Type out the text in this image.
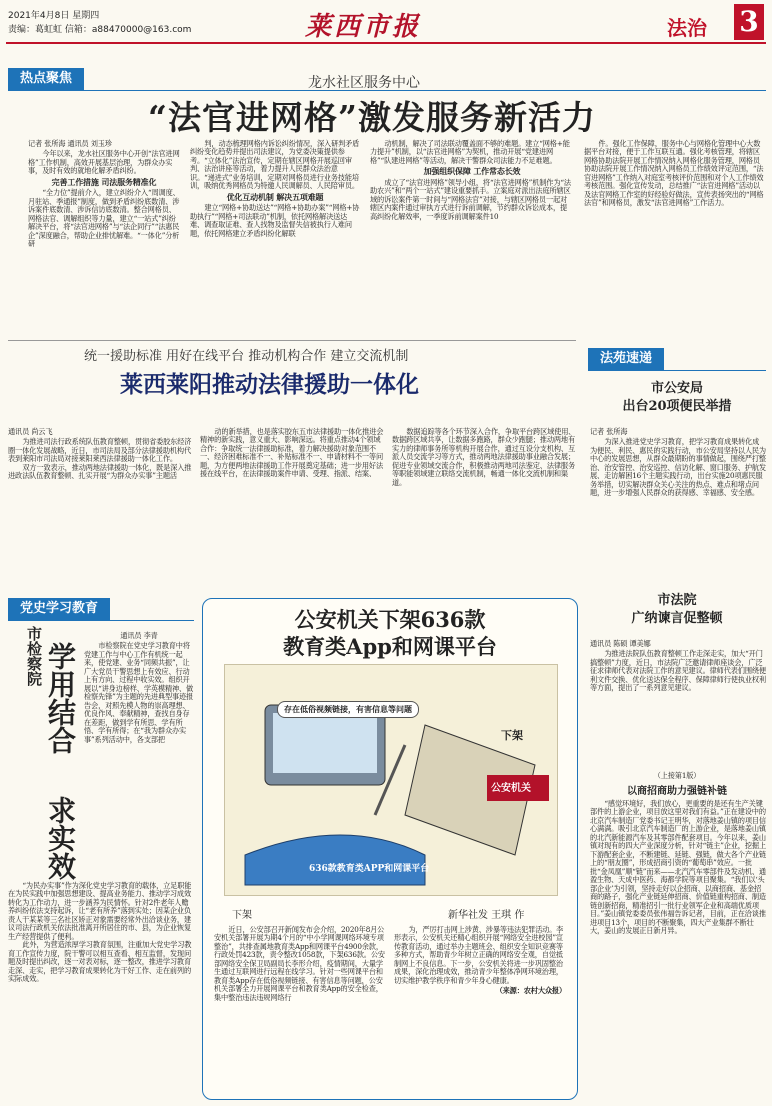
2021年4月8日 星期四
责编：葛虹虹 信箱：a88470000@163.com	莱西市报	法治 3
热点聚焦	龙水社区服务中心
“法官进网格”激发服务新活力
记者 张所海 通讯员 刘玉珍

今年以来，龙水社区服务中心开创“法官进网格”工作机制，高效开展基层治理，为群众办实事，及时有效的就地化解矛盾纠纷。

完善工作措施 司法服务精准化

“全力位”提前介入，建立纠纷介入“周调度、月驻站、季通报”制度，做到矛盾纠纷底数清、涉诉案件底数清、涉诉信访底数清。整合网格员、网格法官、调解组织等力量，建立“一站式”纠纷解决平台，将“法官进网格”与“法企同行”“法惠民企”深度融合，帮助企业排忧解难。“一体化”分析研

判，动态梳理网格内诉讼纠纷情况，深入研判矛盾纠纷变化趋势并提出司法建议，为党委决策提供参考。“立体化”法治宣传，定期在辖区网格开展巡回审判、法治讲座等活动，着力提升人民群众法治意识。“递进式”业务培训，定期对网格员进行业务技能培训，吸纳优秀网格员为特邀人民调解员、人民陪审员。

优化互动机制 解决五项难题

建立“网格+协助送达”“网格+协助办案”“网格+协助执行”“网格+司法联动”机制，依托网格解决送达难、调查取证难、查人找物及监督失信被执行人难问题，依托网格建立矛盾纠纷化解联

动机制，解决了司法联动覆盖面不够的难题。建立“网格+能力提升”机制，以“法官进网格”为契机，推动开展“党建进网格”“队建进网格”等活动，解决干警群众司法能力不足难题。

加强组织保障 工作常态长效

成立了“法官进网格”领导小组，将“法官进网格”机制作为“法助农兴”和“两个一站式”建设重要抓手。立案庭对派出法庭所辖区域的诉讼案件第一时间与“网格法官”对接，与辖区网格员一起对辖区内案件通过审执方式进行诉前调解，节约群众诉讼成本，提高纠纷化解效率，一季度诉前调解案件10

件。强化工作保障，服务中心与网格化管理中心大数据平台对接，便于工作互联互通。强化考核管理，将辖区网格协助法院开展工作情况纳入网格化服务管理，网格员协助法院开展工作情况纳入网格员工作绩效评定范围，“法官进网格”工作纳入对庭室考核评价范围和对个人工作绩效考核范围。强化宣传发动，总结推广“法官进网格”活动以及法官网格工作室的好经验好做法，宣传表扬突出的“网格法官”和网格员，激发“法官进网格”工作活力。

统一援助标准 用好在线平台 推动机构合作 建立交流机制
莱西莱阳推动法律援助一体化
通讯员 尚云飞

为推进司法行政系统队伍教育整顿，贯彻省委胶东经济圈一体化发展战略，近日，市司法局及部分法律援助机构代表到莱阳市司法局对接莱阳莱西法律援助一体化工作。

双方一致表示，推动两地法律援助一体化，既是深入推进政法队伍教育整顿、扎实开展“为群众办实事”主题活

动的新举措，也是落实胶东五市法律援助一体化推进会精神的新实践，意义重大、影响深远。将重点推动4个领域合作：争取统一法律援助标准，着力解决援助对象范围不一、经济困难标准不一、补贴标准不一、申请材料不一等问题，为方便两地法律援助工作开展奠定基础；进一步用好法援在线平台，在法律援助案件申请、受理、指派、结案、

数据追踪等各个环节深入合作，争取平台跨区域使用、数据跨区域共享，让数据多跑路，群众少跑腿；推动两地有实力的律师事务所等机构开展合作，通过互设分支机构、互派人员交流学习等方式，推动两地法律援助事业融合发展；促进专业领域交流合作，积极推动两地司法鉴定、法律服务等职能领域建立联络交流机制，畅通一体化交流机制和渠道。

法苑速递
市公安局
出台20项便民举措
记者 张所海

为深入推进党史学习教育，把学习教育成果转化成为便民、利民、惠民的实践行动，市公安局坚持以人民为中心的发展思想，从群众最期盼的事情做起，围绕严打整治、治安管控、治安巡控、信访化解、窗口服务、护航发展、走访解困16个主题实践行动，出台实施20项惠民服务举措，切实解决群众关心关注的热点、难点和堵点问题，进一步增强人民群众的获得感、幸福感、安全感。

市法院
广纳谏言促整顿
通讯员 陈硕 谭美娜

为推进法院队伍教育整顿工作走深走实，加大“开门搞整顿”力度，近日，市法院广泛邀请律师座谈会，广泛征求律师代表对法院工作的意见建议。律师代表们围绕便利文件交换、优化送达保全程序、保障律师行使执业权利等方面，提出了一系列意见建议。

（上接第1版）
以商招商助力强链补链

“感觉环境好，我们放心，更重要的是还有生产关键部件的上游企业，项目放这里对我们有益。”正在建设中的北京汽车制造厂党委书记王明华，对落地姜山镇的项目信心满满。吸引北京汽车制造厂的上游企业，是落地姜山镇的北汽新能源汽车及其零部件配套项目。今年以来，姜山镇对现有的四大产业深度分析，针对“链主”企业，挖掘上下游配套企业，不断建链、延链、强链，做大各个产业链上的“朋友圈”，形成招商引资的“葡萄串”效应。一批批“金凤凰”顺“链”而来——北汽汽车零部件及发动机、通盈生物、天成中医药、海都学院等项目聚集。“我们以‘头部企业’为引领，坚持走好以企招商、以商招商、基金招商的路子，强化产业链延伸招商、价值链重构招商、制造链创新招商，精准招引一批行业领军企业和高端优质项目。”姜山镇党委委员张伟福告诉记者，目前，正在洽谈推进项目13个，项目的不断聚集，四大产业集群不断壮大，姜山的发展正日新月异。

党史学习教育
市检察院 学用结合
求实效
通讯员 李青

市检察院在党史学习教育中将党建工作与中心工作有机统一起来，使党建、业务“同频共振”，让广大党员干警思想上有效应、行动上有方向、过程中收实效。组织开展以“讲身边榜样、学英模精神、做检察先锋”为主题的先进典型事迹报告会，对照先模人物的崇高理想、优良作风、奉献精神，查找自身存在差距，做到学有所思、学有所悟、学有所得；在“我为群众办实事”系列活动中，各支部把

“为民办实事”作为深化党史学习教育的载体，立足职能在为民实践中加强思想建设、提高业务能力、推动学习成效转化为工作动力，进一步涵养为民情怀。针对2件老年人赡养纠纷依法支持起诉，让“老有所养”落到实处；因某企业负责人干某某等三名社区矫正对象需要经常外出洽谈业务，建议司法行政机关依法批准离开所居住的市、县，为企业恢复生产经营提供了便利。

此外，为营造浓厚学习教育氛围，注重加大党史学习教育工作宣传力度，院干警可以相互查看、相互监督，发现问题及时提出纠改，逐一对表对标，逐一整改，推进学习教育走深、走实，把学习教育成果转化为干好工作、走在前列的实际成效。

公安机关下架636款
教育类App和网课平台
存在低俗视频链接，有害信息等问题
下架
公安机关
636款教育类APP和网课平台
下架	新华社发 王琪 作

近日，公安部召开新闻发布会介绍，2020年8月公安机关部署开展为期4个月的“中小学网课网络环境专项整治”，共排查属地教育类App和网课平台4900余款，行政处罚423款，责令整改1058款，下架636款。公安部网络安全保卫局副局长李形介绍，疫情期间，大量学生通过互联网进行远程在线学习。针对一些网课平台和教育类App存在低俗视频链接、有害信息等问题，公安机关部署全力开展网课平台和教育类App的安全检查，集中整治违法违规网络行

为，严厉打击网上涉黄、涉暴等违法犯罪活动。李形表示，公安机关还精心组织开展“网络安全进校园”宣传教育活动，通过举办主题班会、组织安全知识竞赛等多种方式，帮助青少年树立正确的网络安全观，自觉抵制网上不良信息。下一步，公安机关将进一步巩固整治成果，深化治理成效，推动青少年整体净网环境治理，切实维护教学秩序和青少年身心健康。

（来源：农村大众报）
